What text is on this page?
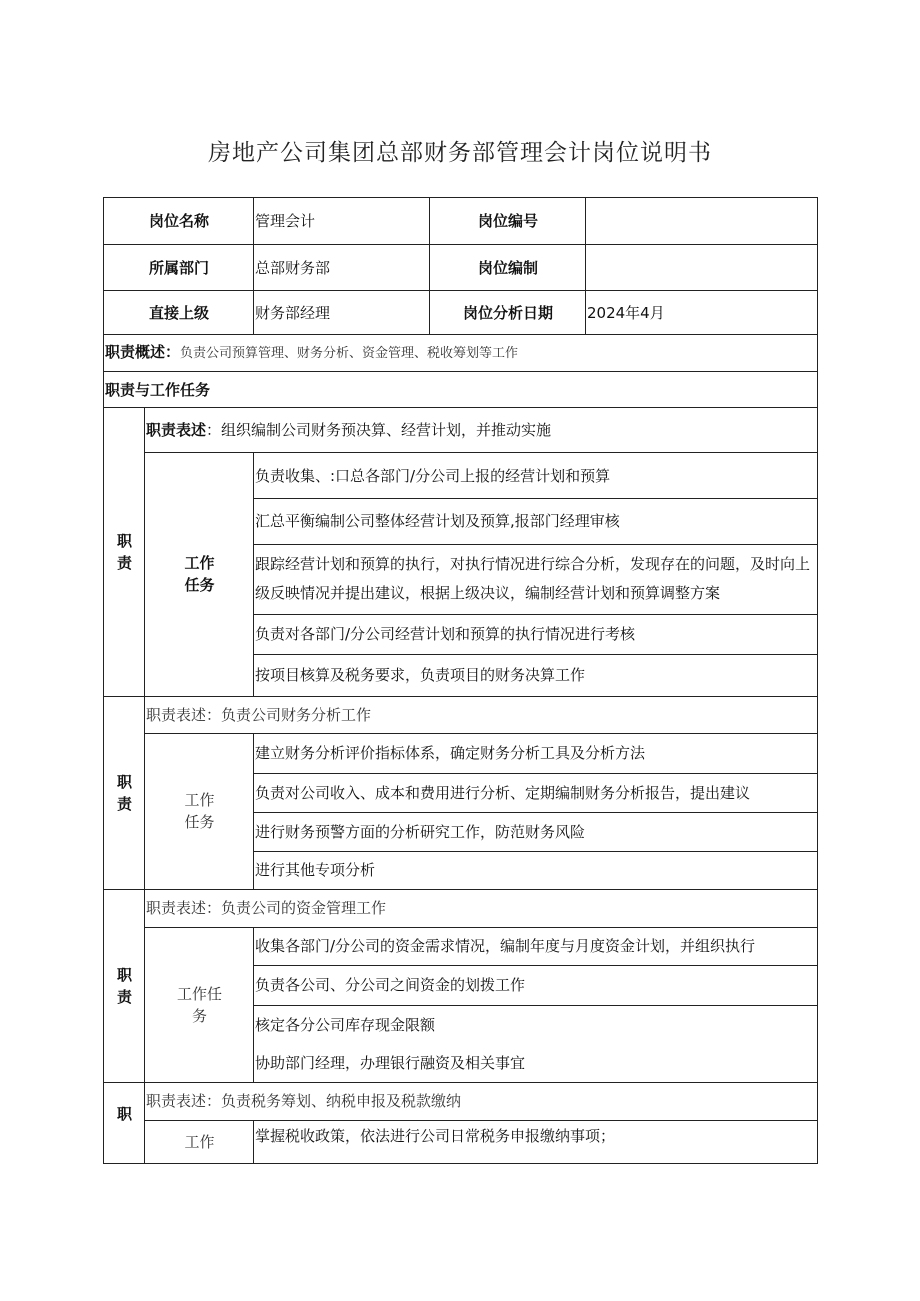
房地产公司集团总部财务部管理会计岗位说明书
岗位名称		管理会计	岗位编号	
所属部门		总部财务部	岗位编制	
直接上级		财务部经理	岗位分析日期	2024年4月
职责概述：负责公司预算管理、财务分析、资金管理、税收筹划等工作				
职责与工作任务				
职
责	职责表述：组织编制公司财务预决算、经营计划，并推动实施			
	工作
任务	负责收集、:口总各部门/分公司上报的经营计划和预算		
		汇总平衡编制公司整体经营计划及预算,报部门经理审核		

		跟踪经营计划和预算的执行，对执行情况进行综合分析，发现存在的问题，及时向上级反映情况并提出建议，根据上级决议，编制经营计划和预算调整方案		
		负责对各部门/分公司经营计划和预算的执行情况进行考核		
		按项目核算及税务要求，负责项目的财务决算工作		
职
责	职责表述：负责公司财务分析工作			
	工作
任务	建立财务分析评价指标体系，确定财务分析工具及分析方法		
		负责对公司收入、成本和费用进行分析、定期编制财务分析报告，提出建议		
		进行财务预警方面的分析研究工作，防范财务风险		
		进行其他专项分析		
职
责	职责表述：负责公司的资金管理工作			
	工作任
务	收集各部门/分公司的资金需求情况，编制年度与月度资金计划，并组织执行		
		负责各公司、分公司之间资金的划拨工作		
		核定各分公司库存现金限额		
		协助部门经理，办理银行融资及相关事宜		
职	职责表述：负责税务筹划、纳税申报及税款缴纳			
	工作	掌握税收政策，依法进行公司日常税务申报缴纳事项；		
